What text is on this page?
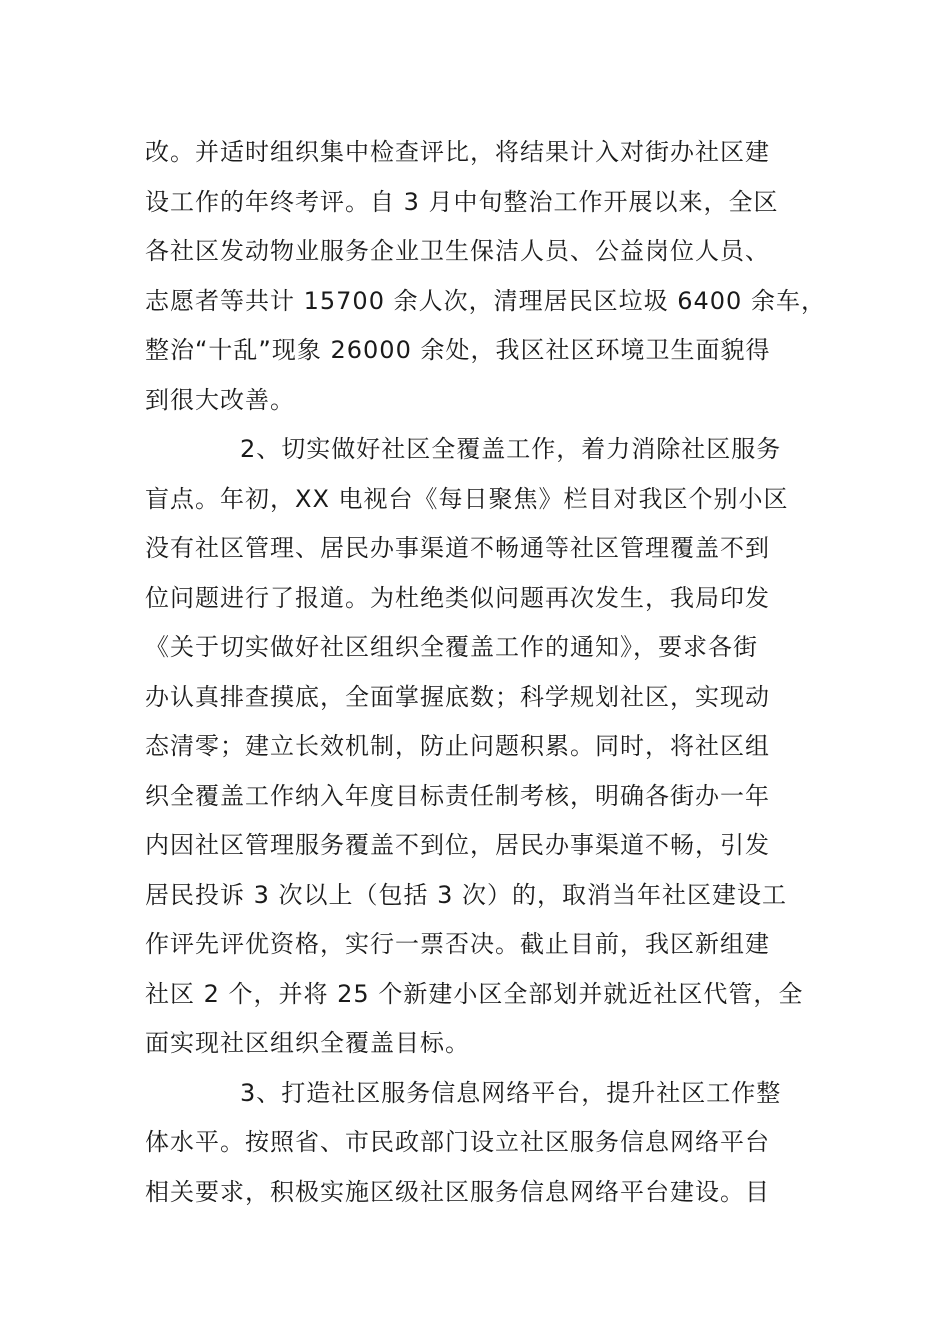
改。并适时组织集中检查评比，将结果计入对街办社区建
设工作的年终考评。自 3 月中旬整治工作开展以来，全区
各社区发动物业服务企业卫生保洁人员、公益岗位人员、
志愿者等共计 15700 余人次，清理居民区垃圾 6400 余车，
整治“十乱”现象 26000 余处，我区社区环境卫生面貌得
到很大改善。
2、切实做好社区全覆盖工作，着力消除社区服务
盲点。年初，XX 电视台《每日聚焦》栏目对我区个别小区
没有社区管理、居民办事渠道不畅通等社区管理覆盖不到
位问题进行了报道。为杜绝类似问题再次发生，我局印发
《关于切实做好社区组织全覆盖工作的通知》，要求各街
办认真排查摸底，全面掌握底数；科学规划社区，实现动
态清零；建立长效机制，防止问题积累。同时，将社区组
织全覆盖工作纳入年度目标责任制考核，明确各街办一年
内因社区管理服务覆盖不到位，居民办事渠道不畅，引发
居民投诉 3 次以上（包括 3 次）的，取消当年社区建设工
作评先评优资格，实行一票否决。截止目前，我区新组建
社区 2 个，并将 25 个新建小区全部划并就近社区代管，全
面实现社区组织全覆盖目标。
3、打造社区服务信息网络平台，提升社区工作整
体水平。按照省、市民政部门设立社区服务信息网络平台
相关要求，积极实施区级社区服务信息网络平台建设。目
